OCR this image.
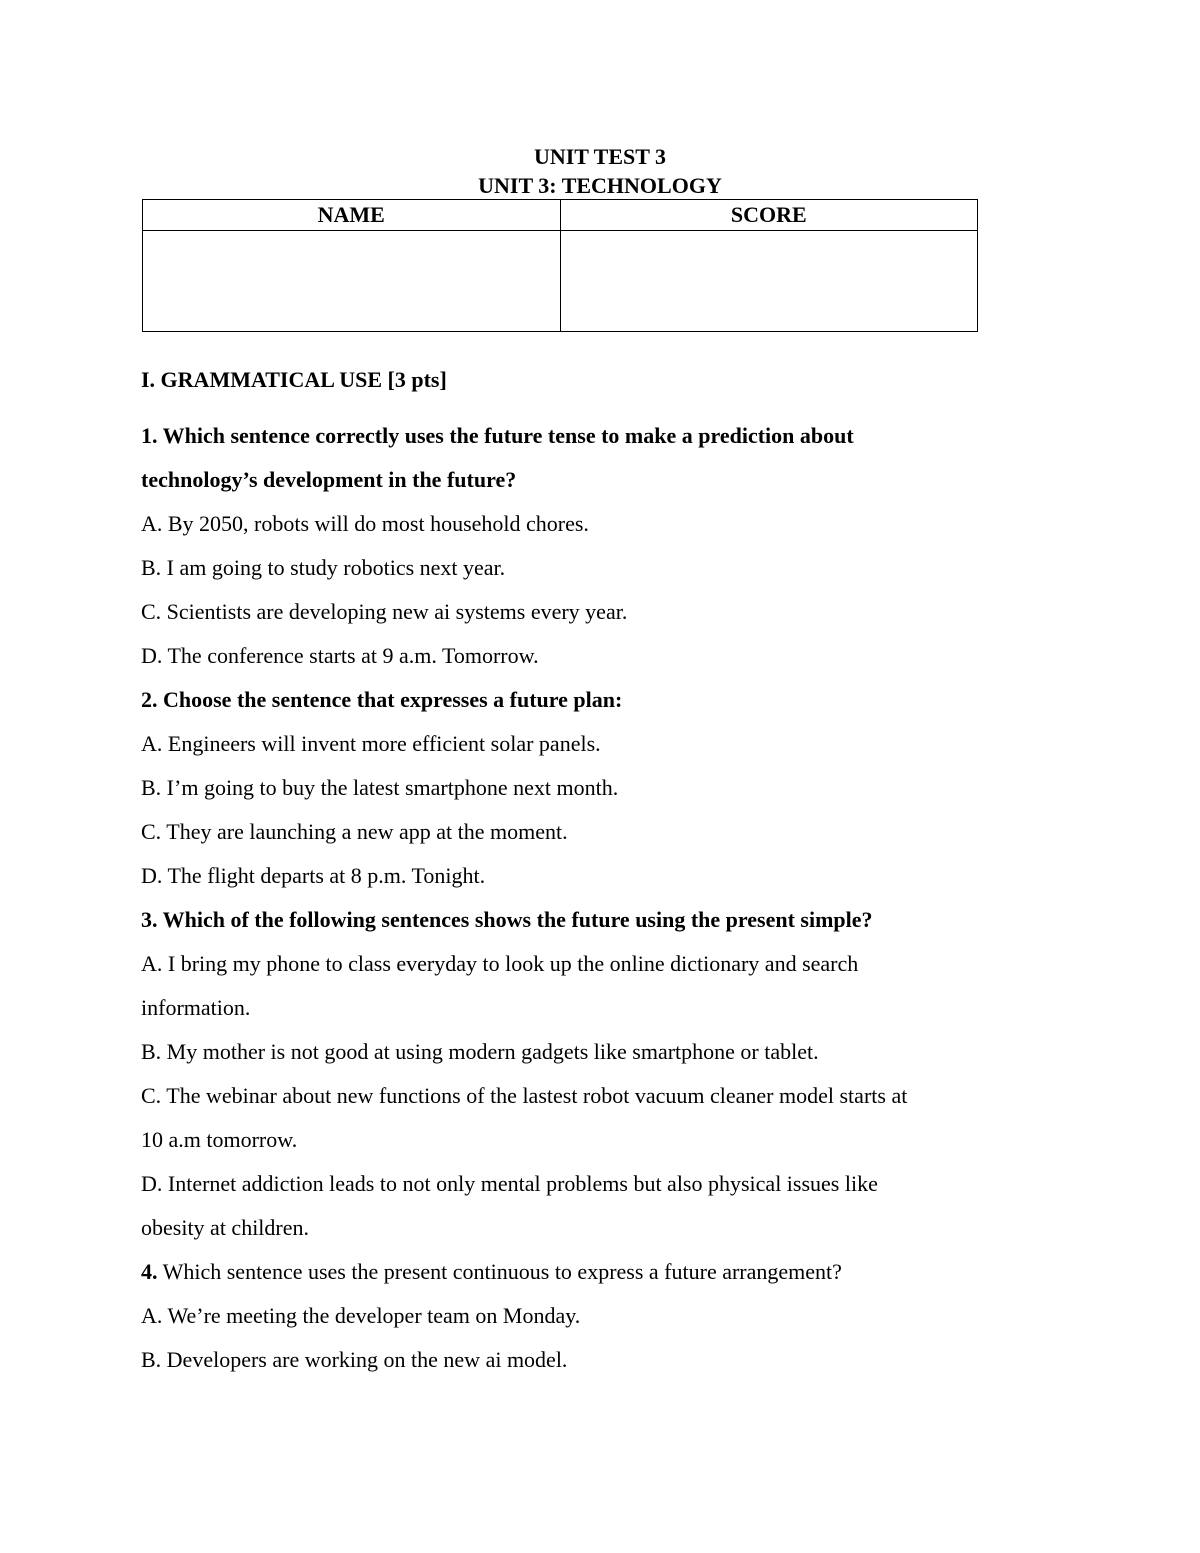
UNIT TEST 3
UNIT 3: TECHNOLOGY
NAME	SCORE

I. GRAMMATICAL USE [3 pts]
1. Which sentence correctly uses the future tense to make a prediction about
technology’s development in the future?
A. By 2050, robots will do most household chores.
B. I am going to study robotics next year.
C. Scientists are developing new ai systems every year.
D. The conference starts at 9 a.m. Tomorrow.
2. Choose the sentence that expresses a future plan:
A. Engineers will invent more efficient solar panels.
B. I’m going to buy the latest smartphone next month.
C. They are launching a new app at the moment.
D. The flight departs at 8 p.m. Tonight.
3. Which of the following sentences shows the future using the present simple?
A. I bring my phone to class everyday to look up the online dictionary and search
information.
B. My mother is not good at using modern gadgets like smartphone or tablet.
C. The webinar about new functions of the lastest robot vacuum cleaner model starts at
10 a.m tomorrow.
D. Internet addiction leads to not only mental problems but also physical issues like
obesity at children.
4. Which sentence uses the present continuous to express a future arrangement?
A. We’re meeting the developer team on Monday.
B. Developers are working on the new ai model.
